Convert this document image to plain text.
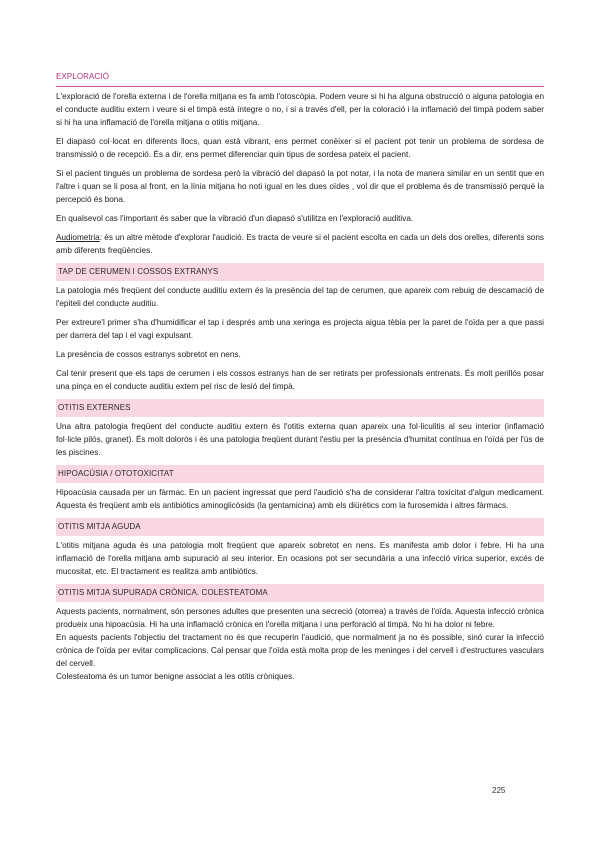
EXPLORACIÓ

L'exploració de l'orella externa i de l'orella mitjana es fa amb l'otoscòpia. Podem veure si hi ha alguna obstrucció o alguna patologia en el conducte auditiu extern i veure si el timpà està íntegre o no, i si a través d'ell, per la coloració i la inflamació del timpà podem saber si hi ha una inflamació de l'orella mitjana o otitis mitjana.

El diapasó col·locat en diferents llocs, quan està vibrant, ens permet conèixer si el pacient pot tenir un problema de sordesa de transmissió o de recepció. És a dir, ens permet diferenciar quin tipus de sordesa pateix el pacient.

Si el pacient tingués un problema de sordesa però la vibració del diapasó la pot notar, i la nota de manera similar en un sentit que en l'altre i quan se li posa al front, en la línia mitjana ho noti igual en les dues oïdes , vol dir que el problema és de transmissió perquè la percepció és bona.

En qualsevol cas l'important és saber que la vibració d'un diapasó s'utilitza en l'exploració auditiva.

Audiometria: és un altre mètode d'explorar l'audició. Es tracta de veure si el pacient escolta en cada un dels dos orelles, diferents sons amb diferents freqüències.

TAP DE CERUMEN I COSSOS EXTRANYS

La patologia més freqüent del conducte auditiu extern és la presència del tap de cerumen, que apareix com rebuig de descamació de l'epiteli del conducte auditiu.

Per extreure'l primer s'ha d'humidificar el tap i després amb una xeringa es projecta aigua tèbia per la paret de l'oïda per a que passi per darrera del tap i el vagi expulsant.

La presència de cossos estranys sobretot en nens.

Cal tenir present que els taps de cerumen i els cossos estranys han de ser retirats per professionals entrenats. És molt perillós posar una pinça en el conducte auditiu extern pel risc de lesió del timpà.

OTITIS EXTERNES

Una altra patologia freqüent del conducte auditiu extern és l'otitis externa quan apareix una fol·liculitis al seu interior (inflamació fol·licle pilós, granet). És molt dolorós i és una patologia freqüent durant l'estiu per la presència d'humitat contínua en l'oïda per l'ús de les piscines.

HIPOACÚSIA / OTOTOXICITAT

Hipoacúsia causada per un fàrmac. En un pacient ingressat que perd l'audició s'ha de considerar l'altra toxicitat d'algun medicament. Aquesta és freqüent amb els antibiòtics aminoglicòsids (la gentamicina) amb els diürètics com la furosemida i altres fàrmacs.

OTITIS MITJA AGUDA

L'otitis mitjana aguda és una patologia molt freqüent que apareix sobretot en nens. Es manifesta amb dolor i febre. Hi ha una inflamació de l'orella mitjana amb supuració al seu interior. En ocasions pot ser secundària a una infecció vírica superior, excés de mucositat, etc. El tractament es realitza amb antibiòtics.

OTITIS MITJA SUPURADA CRÒNICA. COLESTEATOMA

Aquests pacients, normalment, són persones adultes que presenten una secreció (otorrea) a través de l'oïda. Aquesta infecció crònica produeix una hipoacúsia. Hi ha una inflamació crònica en l'orella mitjana i una perforació al timpà. No hi ha dolor ni febre.

En aquests pacients l'objectiu del tractament no és que recuperin l'audició, que normalment ja no és possible, sinó curar la infecció crònica de l'oïda per evitar complicacions. Cal pensar que l'oïda està molta prop de les meninges i del cervell i d'estructures vasculars del cervell.

Colesteatoma és un tumor benigne associat a les otitis cròniques.

225
